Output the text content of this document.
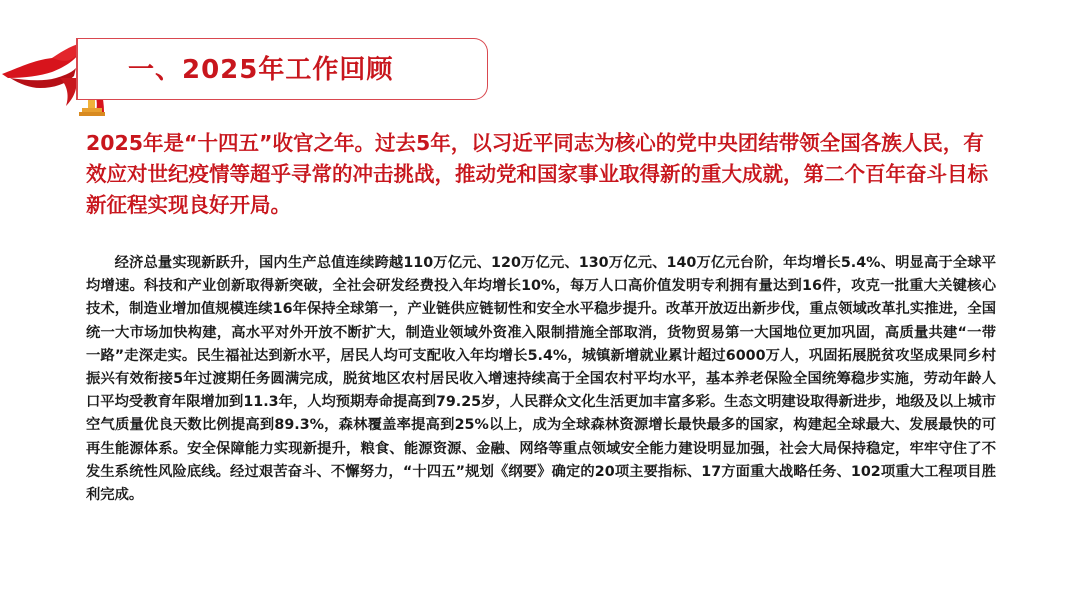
一、2025年工作回顾

2025年是“十四五”收官之年。过去5年，以习近平同志为核心的党中央团结带领全国各族人民，有效应对世纪疫情等超乎寻常的冲击挑战，推动党和国家事业取得新的重大成就，第二个百年奋斗目标新征程实现良好开局。

经济总量实现新跃升，国内生产总值连续跨越110万亿元、120万亿元、130万亿元、140万亿元台阶，年均增长5.4%、明显高于全球平均增速。科技和产业创新取得新突破，全社会研发经费投入年均增长10%，每万人口高价值发明专利拥有量达到16件，攻克一批重大关键核心技术，制造业增加值规模连续16年保持全球第一，产业链供应链韧性和安全水平稳步提升。改革开放迈出新步伐，重点领域改革扎实推进，全国统一大市场加快构建，高水平对外开放不断扩大，制造业领域外资准入限制措施全部取消，货物贸易第一大国地位更加巩固，高质量共建“一带一路”走深走实。民生福祉达到新水平，居民人均可支配收入年均增长5.4%，城镇新增就业累计超过6000万人，巩固拓展脱贫攻坚成果同乡村振兴有效衔接5年过渡期任务圆满完成，脱贫地区农村居民收入增速持续高于全国农村平均水平，基本养老保险全国统筹稳步实施，劳动年龄人口平均受教育年限增加到11.3年，人均预期寿命提高到79.25岁，人民群众文化生活更加丰富多彩。生态文明建设取得新进步，地级及以上城市空气质量优良天数比例提高到89.3%，森林覆盖率提高到25%以上，成为全球森林资源增长最快最多的国家，构建起全球最大、发展最快的可再生能源体系。安全保障能力实现新提升，粮食、能源资源、金融、网络等重点领域安全能力建设明显加强，社会大局保持稳定，牢牢守住了不发生系统性风险底线。经过艰苦奋斗、不懈努力，“十四五”规划《纲要》确定的20项主要指标、17方面重大战略任务、102项重大工程项目胜利完成。
